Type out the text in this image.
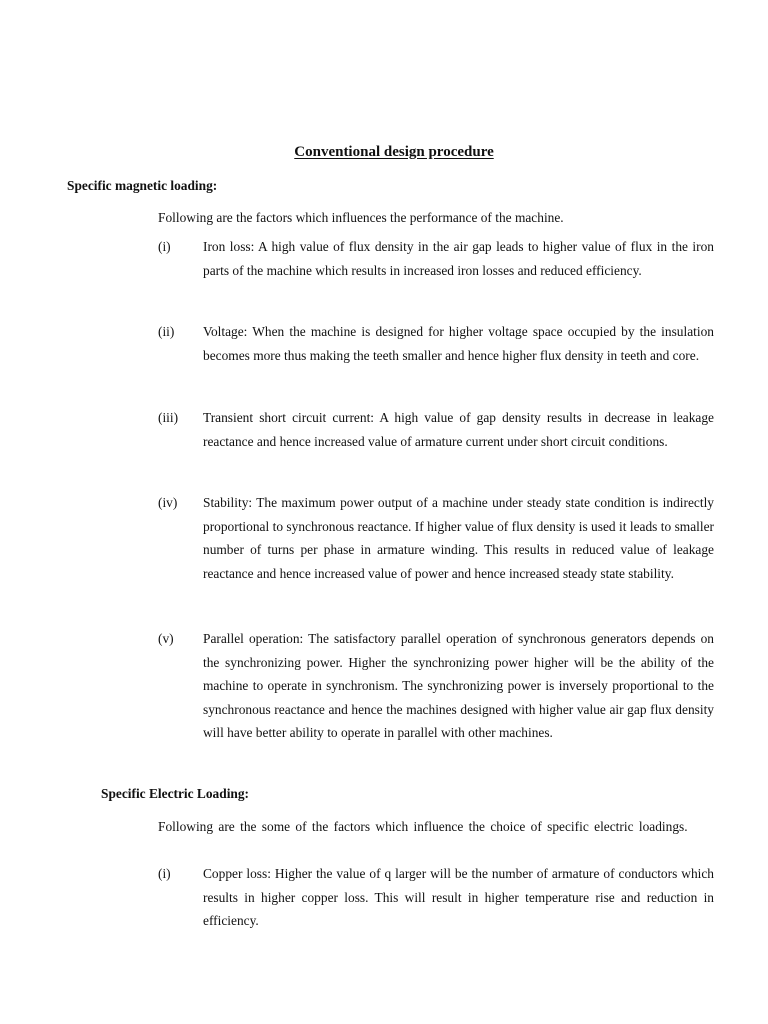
Conventional design procedure
Specific magnetic loading:

Following are the factors which influences the performance of the machine.

(i) Iron loss: A high value of flux density in the air gap leads to higher value of flux in the iron parts of the machine which results in increased iron losses and reduced efficiency.

(ii) Voltage: When the machine is designed for higher voltage space occupied by the insulation becomes more thus making the teeth smaller and hence higher flux density in teeth and core.

(iii) Transient short circuit current: A high value of gap density results in decrease in leakage reactance and hence increased value of armature current under short circuit conditions.

(iv) Stability: The maximum power output of a machine under steady state condition is indirectly proportional to synchronous reactance. If higher value of flux density is used it leads to smaller number of turns per phase in armature winding. This results in reduced value of leakage reactance and hence increased value of power and hence increased steady state stability.

(v) Parallel operation: The satisfactory parallel operation of synchronous generators depends on the synchronizing power. Higher the synchronizing power higher will be the ability of the machine to operate in synchronism. The synchronizing power is inversely proportional to the synchronous reactance and hence the machines designed with higher value air gap flux density will have better ability to operate in parallel with other machines.

Specific Electric Loading:

Following are the some of the factors which influence the choice of specific electric loadings.

(i) Copper loss: Higher the value of q larger will be the number of armature of conductors which results in higher copper loss. This will result in higher temperature rise and reduction in efficiency.
